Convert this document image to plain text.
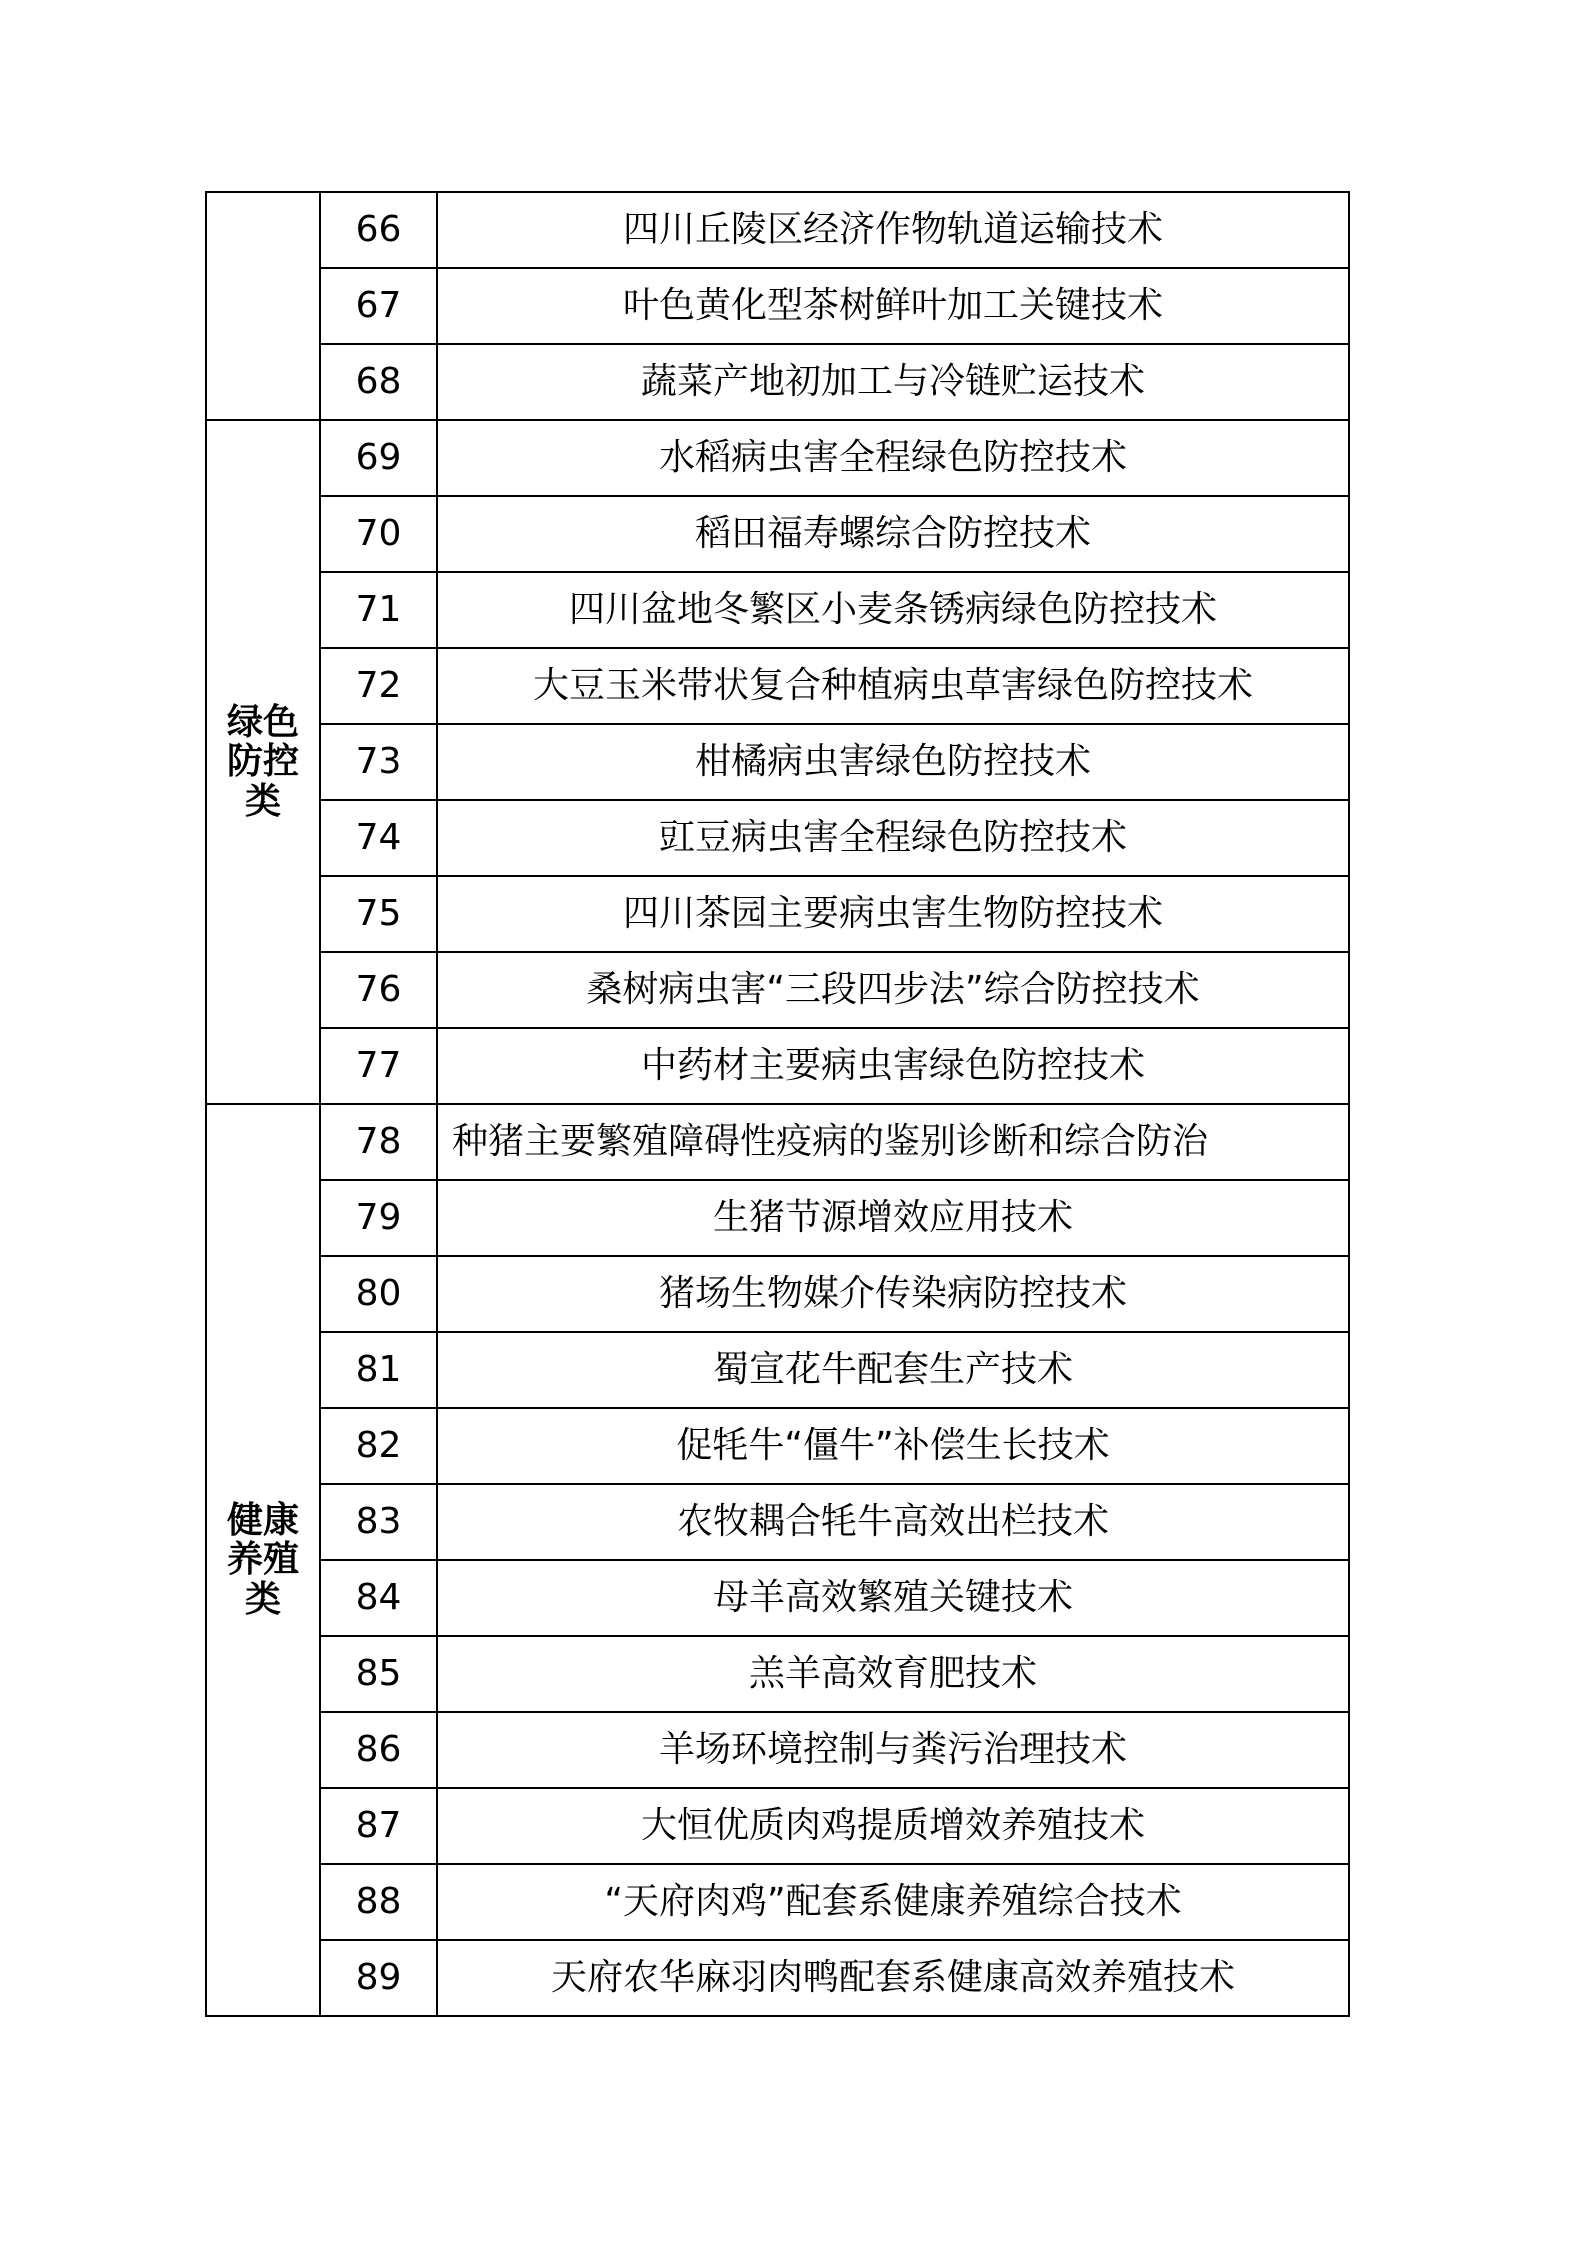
	66	四川丘陵区经济作物轨道运输技术
	67	叶色黄化型茶树鲜叶加工关键技术
	68	蔬菜产地初加工与冷链贮运技术

绿色
防控
类	69	水稻病虫害全程绿色防控技术
	70	稻田福寿螺综合防控技术
	71	四川盆地冬繁区小麦条锈病绿色防控技术
	72	大豆玉米带状复合种植病虫草害绿色防控技术
	73	柑橘病虫害绿色防控技术
	74	豇豆病虫害全程绿色防控技术
	75	四川茶园主要病虫害生物防控技术
	76	桑树病虫害“三段四步法”综合防控技术
	77	中药材主要病虫害绿色防控技术

健康
养殖
类	78	种猪主要繁殖障碍性疫病的鉴别诊断和综合防治
	79	生猪节源增效应用技术
	80	猪场生物媒介传染病防控技术
	81	蜀宣花牛配套生产技术
	82	促牦牛“僵牛”补偿生长技术
	83	农牧耦合牦牛高效出栏技术
	84	母羊高效繁殖关键技术
	85	羔羊高效育肥技术
	86	羊场环境控制与粪污治理技术
	87	大恒优质肉鸡提质增效养殖技术
	88	“天府肉鸡”配套系健康养殖综合技术
	89	天府农华麻羽肉鸭配套系健康高效养殖技术
